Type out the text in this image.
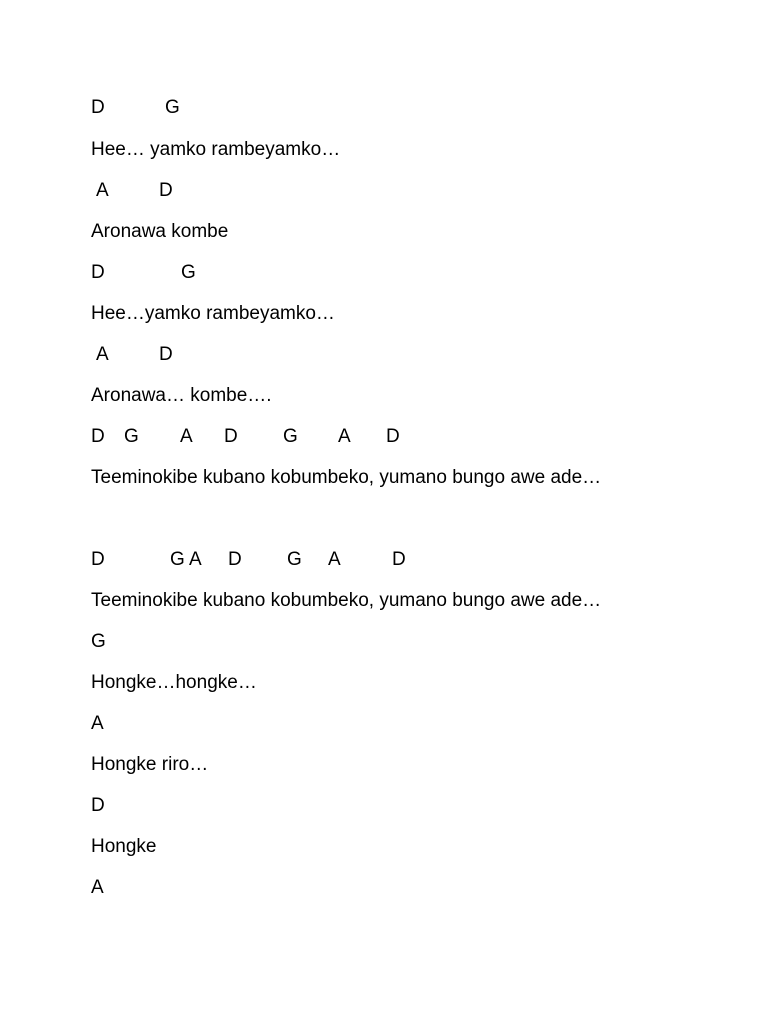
D	G
Hee… yamko rambeyamko…
A	D
Aronawa kombe
D	G
Hee…yamko rambeyamko…
A	D
Aronawa… kombe….
D G A D G A D
Teeminokibe kubano kobumbeko, yumano bungo awe ade…
D	G A D G A	D
Teeminokibe kubano kobumbeko, yumano bungo awe ade…
G
Hongke…hongke…
A
Hongke riro…
D
Hongke
A
